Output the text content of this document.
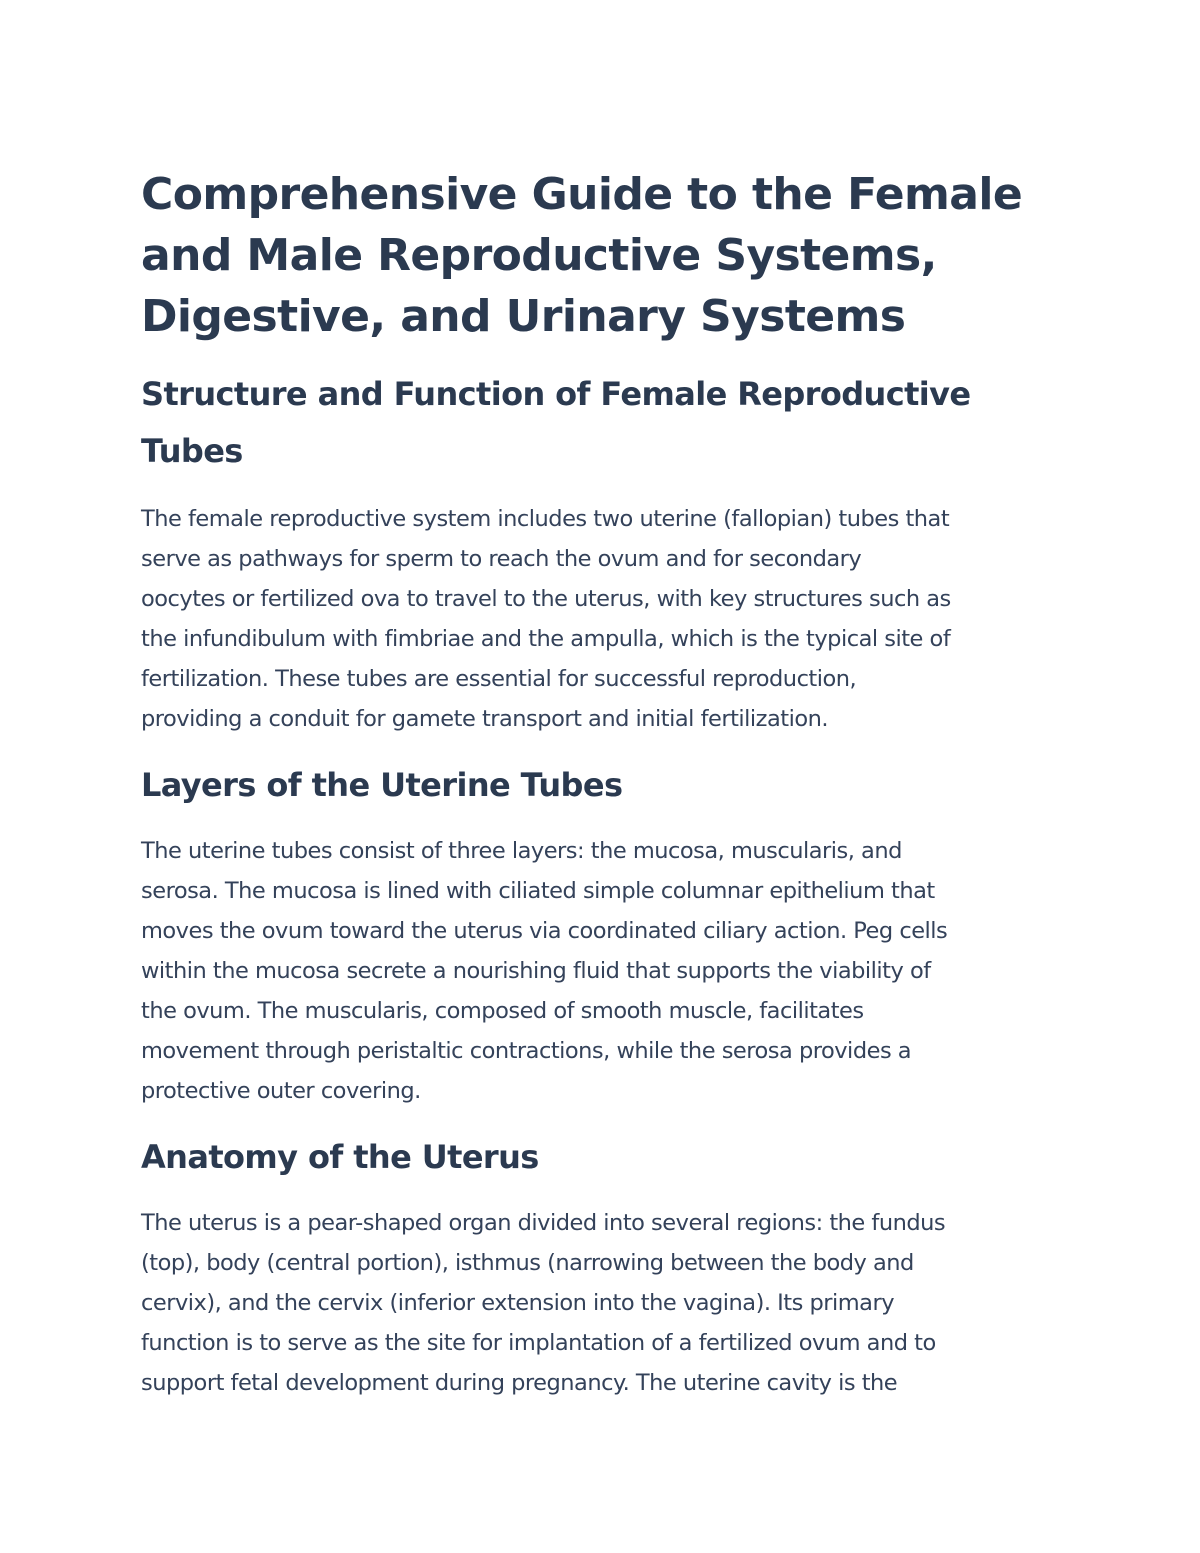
Comprehensive Guide to the Female
and Male Reproductive Systems,
Digestive, and Urinary Systems
Structure and Function of Female Reproductive
Tubes

The female reproductive system includes two uterine (fallopian) tubes that
serve as pathways for sperm to reach the ovum and for secondary
oocytes or fertilized ova to travel to the uterus, with key structures such as
the infundibulum with fimbriae and the ampulla, which is the typical site of
fertilization. These tubes are essential for successful reproduction,
providing a conduit for gamete transport and initial fertilization.

Layers of the Uterine Tubes

The uterine tubes consist of three layers: the mucosa, muscularis, and
serosa. The mucosa is lined with ciliated simple columnar epithelium that
moves the ovum toward the uterus via coordinated ciliary action. Peg cells
within the mucosa secrete a nourishing fluid that supports the viability of
the ovum. The muscularis, composed of smooth muscle, facilitates
movement through peristaltic contractions, while the serosa provides a
protective outer covering.

Anatomy of the Uterus

The uterus is a pear-shaped organ divided into several regions: the fundus
(top), body (central portion), isthmus (narrowing between the body and
cervix), and the cervix (inferior extension into the vagina). Its primary
function is to serve as the site for implantation of a fertilized ovum and to
support fetal development during pregnancy. The uterine cavity is the
